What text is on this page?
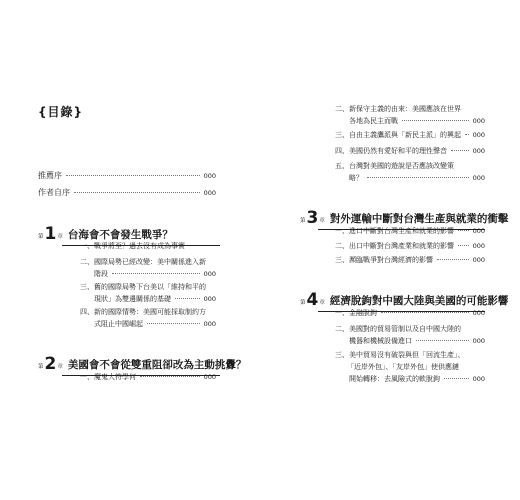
{目錄}
推薦序	000
作者自序	000
第 1 章 台海會不會發生戰爭？
一、戰爭將至？過去沒有成為事實
二、國際局勢已經改變：美中關係進入新
階段	000
三、舊的國際局勢下台美以「維持和平的
現狀」為雙邊關係的基礎	000
四、新的國際情勢：美國可能採取制約方
式阻止中國崛起	000
第 2 章 美國會不會從雙重阻卻改為主動挑釁？
一、魔鬼大符學何	000
二、新保守主義的由來：美國應該在世界
各地為民主而戰	000
三、自由主義鷹派與「新民主派」的興起 000
四、美國仍然有愛好和平的理性聲音	000
五、台灣對美國的遊說是否應該改變策
略？	000
第 3 章 對外運輸中斷對台灣生產與就業的衝擊
一、進口中斷對台灣生產和就業的影響	000
二、出口中斷對台灣產業和就業的影響	000
三、瀕臨戰爭對台灣經濟的影響	000
第 4 章 經濟脫鉤對中國大陸與美國的可能影響
一、金融脫鉤	000
二、美國對的貿易管制以及自中國大陸的
機器和機械設備進口	000
三、美中貿易沒有破裂與但「回流生產」、
「近岸外包」、「友岸外包」使供應鏈
開始轉移：去風險式的軟脫鉤	000
